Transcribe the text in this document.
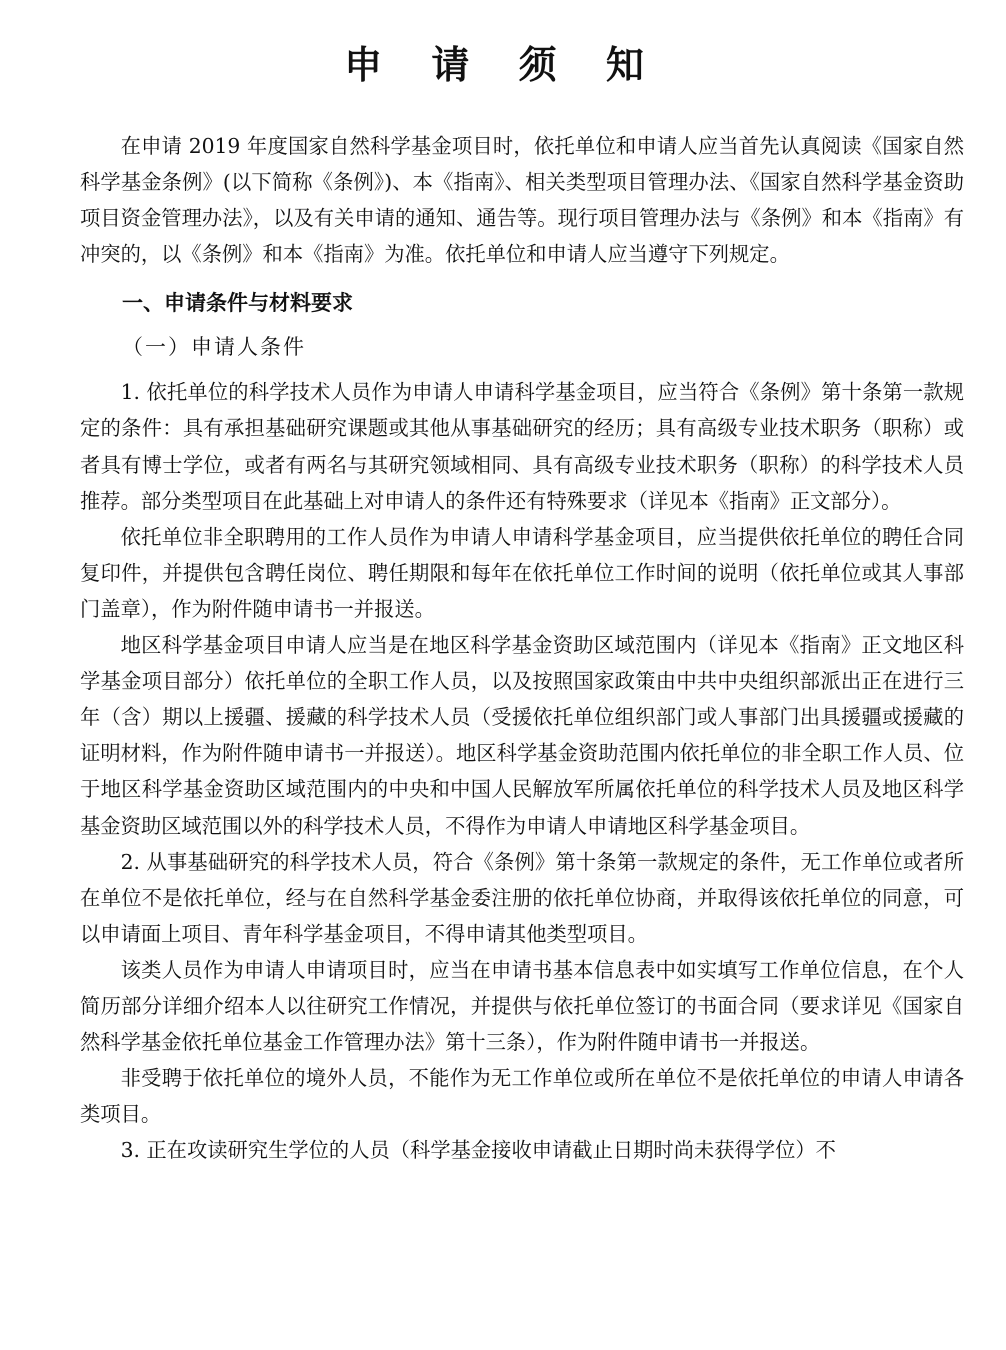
申 请 须 知

在申请 2019 年度国家自然科学基金项目时，依托单位和申请人应当首先认真阅读《国家自然科学基金条例》(以下简称《条例》)、本《指南》、相关类型项目管理办法、《国家自然科学基金资助项目资金管理办法》，以及有关申请的通知、通告等。现行项目管理办法与《条例》和本《指南》有冲突的，以《条例》和本《指南》为准。依托单位和申请人应当遵守下列规定。

一、申请条件与材料要求
（一）申请人条件

1. 依托单位的科学技术人员作为申请人申请科学基金项目，应当符合《条例》第十条第一款规定的条件：具有承担基础研究课题或其他从事基础研究的经历；具有高级专业技术职务（职称）或者具有博士学位，或者有两名与其研究领域相同、具有高级专业技术职务（职称）的科学技术人员推荐。部分类型项目在此基础上对申请人的条件还有特殊要求（详见本《指南》正文部分）。

依托单位非全职聘用的工作人员作为申请人申请科学基金项目，应当提供依托单位的聘任合同复印件，并提供包含聘任岗位、聘任期限和每年在依托单位工作时间的说明（依托单位或其人事部门盖章），作为附件随申请书一并报送。

地区科学基金项目申请人应当是在地区科学基金资助区域范围内（详见本《指南》正文地区科学基金项目部分）依托单位的全职工作人员，以及按照国家政策由中共中央组织部派出正在进行三年（含）期以上援疆、援藏的科学技术人员（受援依托单位组织部门或人事部门出具援疆或援藏的证明材料，作为附件随申请书一并报送）。地区科学基金资助范围内依托单位的非全职工作人员、位于地区科学基金资助区域范围内的中央和中国人民解放军所属依托单位的科学技术人员及地区科学基金资助区域范围以外的科学技术人员，不得作为申请人申请地区科学基金项目。

2. 从事基础研究的科学技术人员，符合《条例》第十条第一款规定的条件，无工作单位或者所在单位不是依托单位，经与在自然科学基金委注册的依托单位协商，并取得该依托单位的同意，可以申请面上项目、青年科学基金项目，不得申请其他类型项目。

该类人员作为申请人申请项目时，应当在申请书基本信息表中如实填写工作单位信息，在个人简历部分详细介绍本人以往研究工作情况，并提供与依托单位签订的书面合同（要求详见《国家自然科学基金依托单位基金工作管理办法》第十三条），作为附件随申请书一并报送。

非受聘于依托单位的境外人员，不能作为无工作单位或所在单位不是依托单位的申请人申请各类项目。

3. 正在攻读研究生学位的人员（科学基金接收申请截止日期时尚未获得学位）不
